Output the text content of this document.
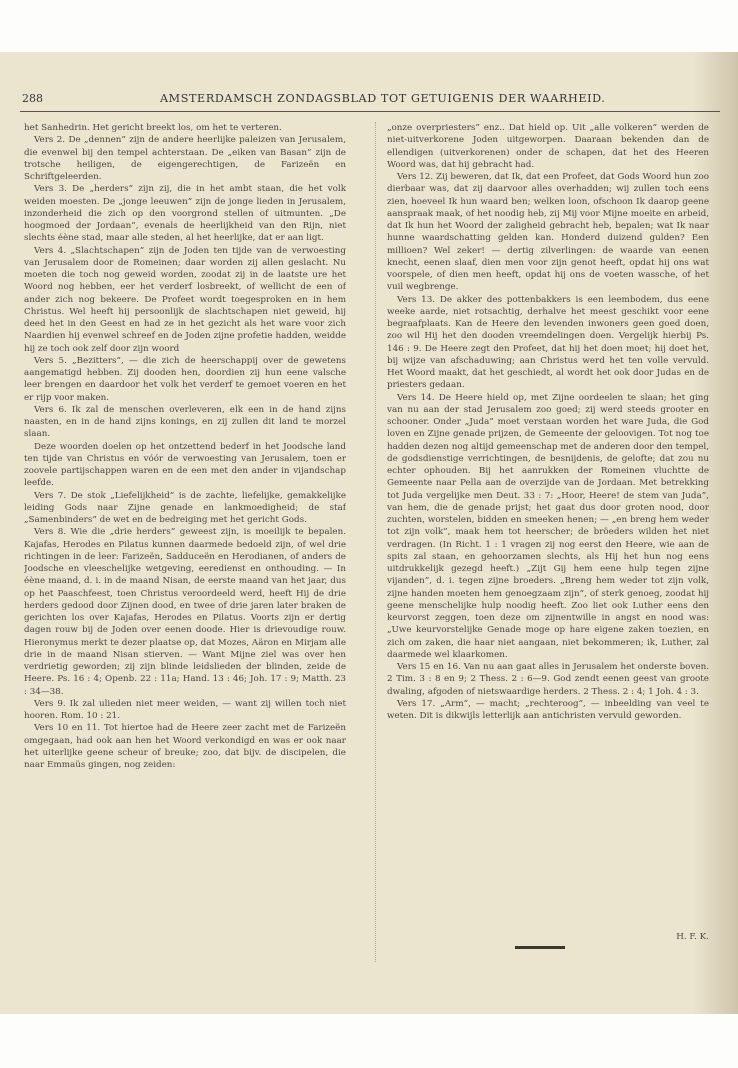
288	AMSTERDAMSCH ZONDAGSBLAD TOT GETUIGENIS DER WAARHEID.

het Sanhedrin. Het gericht breekt los, om het te verteren.

Vers 2. De „dennen” zijn de andere heerlijke paleizen van Jerusalem, die evenwel bij den tempel achterstaan. De „eiken van Basan” zijn de trotsche heiligen, de eigengerechtigen, de Farizeën en Schriftgeleerden.

Vers 3. De „herders” zijn zij, die in het ambt staan, die het volk weiden moesten. De „jonge leeuwen” zijn de jonge lieden in Jerusalem, inzonderheid die zich op den voorgrond stellen of uitmunten. „De hoogmoed der Jordaan”, evenals de heerlijkheid van den Rijn, niet slechts éène stad, maar alle steden, al het heerlijke, dat er aan ligt.

Vers 4. „Slachtschapen” zijn de Joden ten tijde van de verwoesting van Jerusalem door de Romeinen; daar worden zij allen geslacht. Nu moeten die toch nog geweid worden, zoodat zij in de laatste ure het Woord nog hebben, eer het verderf losbreekt, of wellicht de een of ander zich nog bekeere. De Profeet wordt toegesproken en in hem Christus. Wel heeft hij persoonlijk de slachtschapen niet geweid, hij deed het in den Geest en had ze in het gezicht als het ware voor zich Naardien hij evenwel schreef en de Joden zijne profetie hadden, weidde hij ze toch ook zelf door zijn woord

Vers 5. „Bezitters”, — die zich de heerschappij over de gewetens aangematigd hebben. Zij dooden hen, doordien zij hun eene valsche leer brengen en daardoor het volk het verderf te gemoet voeren en het er rijp voor maken.

Vers 6. Ik zal de menschen overleveren, elk een in de hand zijns naasten, en in de hand zijns konings, en zij zullen dit land te morzel slaan.

Deze woorden doelen op het ontzettend bederf in het Joodsche land ten tijde van Christus en vóór de verwoesting van Jerusalem, toen er zoovele partijschappen waren en de een met den ander in vijandschap leefde.

Vers 7. De stok „Liefelijkheid” is de zachte, liefelijke, gemakkelijke leiding Gods naar Zijne genade en lankmoedigheid; de staf „Samenbinders” de wet en de bedreiging met het gericht Gods.

Vers 8. Wie die „drie herders” geweest zijn, is moeilijk te bepalen. Kajafas, Herodes en Pilatus kunnen daarmede bedoeld zijn, of wel drie richtingen in de leer: Farizeën, Sadduceën en Herodianen, of anders de Joodsche en vleeschelijke wetgeving, eeredienst en onthouding. — In éène maand, d. i. in de maand Nisan, de eerste maand van het jaar, dus op het Paaschfeest, toen Christus veroordeeld werd, heeft Hij de drie herders gedood door Zijnen dood, en twee of drie jaren later braken de gerichten los over Kajafas, Herodes en Pilatus. Voorts zijn er dertig dagen rouw bij de Joden over eenen doode. Hier is drievoudige rouw. Hieronymus merkt te dezer plaatse op, dat Mozes, Aäron en Mirjam alle drie in de maand Nisan stierven. — Want Mijne ziel was over hen verdrietig geworden; zij zijn blinde leidslieden der blinden, zeide de Heere. Ps. 16 : 4; Openb. 22 : 11a; Hand. 13 : 46; Joh. 17 : 9; Matth. 23 : 34—38.

Vers 9. Ik zal ulieden niet meer weiden, — want zij willen toch niet hooren. Rom. 10 : 21.

Vers 10 en 11. Tot hiertoe had de Heere zeer zacht met de Farizeën omgegaan, had ook aan hen het Woord verkondigd en was er ook naar het uiterlijke geene scheur of breuke; zoo, dat bijv. de discipelen, die naar Emmaüs gingen, nog zeiden:

„onze overpriesters” enz.. Dat hield op. Uit „alle volkeren” werden de niet-uitverkorene Joden uitgeworpen. Daaraan bekenden dan de ellendigen (uitverkorenen) onder de schapen, dat het des Heeren Woord was, dat hij gebracht had.

Vers 12. Zij beweren, dat Ik, dat een Profeet, dat Gods Woord hun zoo dierbaar was, dat zij daarvoor alles overhadden; wij zullen toch eens zien, hoeveel Ik hun waard ben; welken loon, ofschoon Ik daarop geene aanspraak maak, of het noodig heb, zij Mij voor Mijne moeite en arbeid, dat Ik hun het Woord der zaligheid gebracht heb, bepalen; wat Ik naar hunne waardschatting gelden kan. Honderd duizend gulden? Een millioen? Wel zeker! — dertig zilverlingen: de waarde van eenen knecht, eenen slaaf, dien men voor zijn genot heeft, opdat hij ons wat voorspele, of dien men heeft, opdat hij ons de voeten wassche, of het vuil wegbrenge.

Vers 13. De akker des pottenbakkers is een leembodem, dus eene weeke aarde, niet rotsachtig, derhalve het meest geschikt voor eene begraafplaats. Kan de Heere den levenden inwoners geen goed doen, zoo wil Hij het den dooden vreemdelingen doen. Vergelijk hierbij Ps. 146 : 9. De Heere zegt den Profeet, dat hij het doen moet; hij doet het, bij wijze van afschaduwing; aan Christus werd het ten volle vervuld. Het Woord maakt, dat het geschiedt, al wordt het ook door Judas en de priesters gedaan.

Vers 14. De Heere hield op, met Zijne oordeelen te slaan; het ging van nu aan der stad Jerusalem zoo goed; zij werd steeds grooter en schooner. Onder „Juda” moet verstaan worden het ware Juda, die God loven en Zijne genade prijzen, de Gemeente der geloovigen. Tot nog toe hadden dezen nog altijd gemeenschap met de anderen door den tempel, de godsdienstige verrichtingen, de besnijdenis, de gelofte; dat zou nu echter ophouden. Bij het aanrukken der Romeinen vluchtte de Gemeente naar Pella aan de overzijde van de Jordaan. Met betrekking tot Juda vergelijke men Deut. 33 : 7: „Hoor, Heere! de stem van Juda”, van hem, die de genade prijst; het gaat dus door groten nood, door zuchten, worstelen, bidden en smeeken henen; — „en breng hem weder tot zijn volk”, maak hem tot heerscher; de bröeders wilden het niet verdragen. (In Richt. 1 : 1 vragen zij nog eerst den Heere, wie aan de spits zal staan, en gehoorzamen slechts, als Hij het hun nog eens uitdrukkelijk gezegd heeft.) „Zijt Gij hem eene hulp tegen zijne vijanden”, d. i. tegen zijne broeders. „Breng hem weder tot zijn volk, zijne handen moeten hem genoegzaam zijn”, of sterk genoeg, zoodat hij geene menschelijke hulp noodig heeft. Zoo liet ook Luther eens den keurvorst zeggen, toen deze om zijnentwille in angst en nood was: „Uwe keurvorstelijke Genade moge op hare eigene zaken toezien, en zich om zaken, die haar niet aangaan, niet bekommeren; ik, Luther, zal daarmede wel klaarkomen.

Vers 15 en 16. Van nu aan gaat alles in Jerusalem het onderste boven. 2 Tim. 3 : 8 en 9; 2 Thess. 2 : 6—9. God zendt eenen geest van groote dwaling, afgoden of nietswaardige herders. 2 Thess. 2 : 4; 1 Joh. 4 : 3.

Vers 17. „Arm”, — macht; „rechteroog”, — inbeelding van veel te weten. Dit is dikwijls letterlijk aan antichristen vervuld geworden.

H. F. K.
